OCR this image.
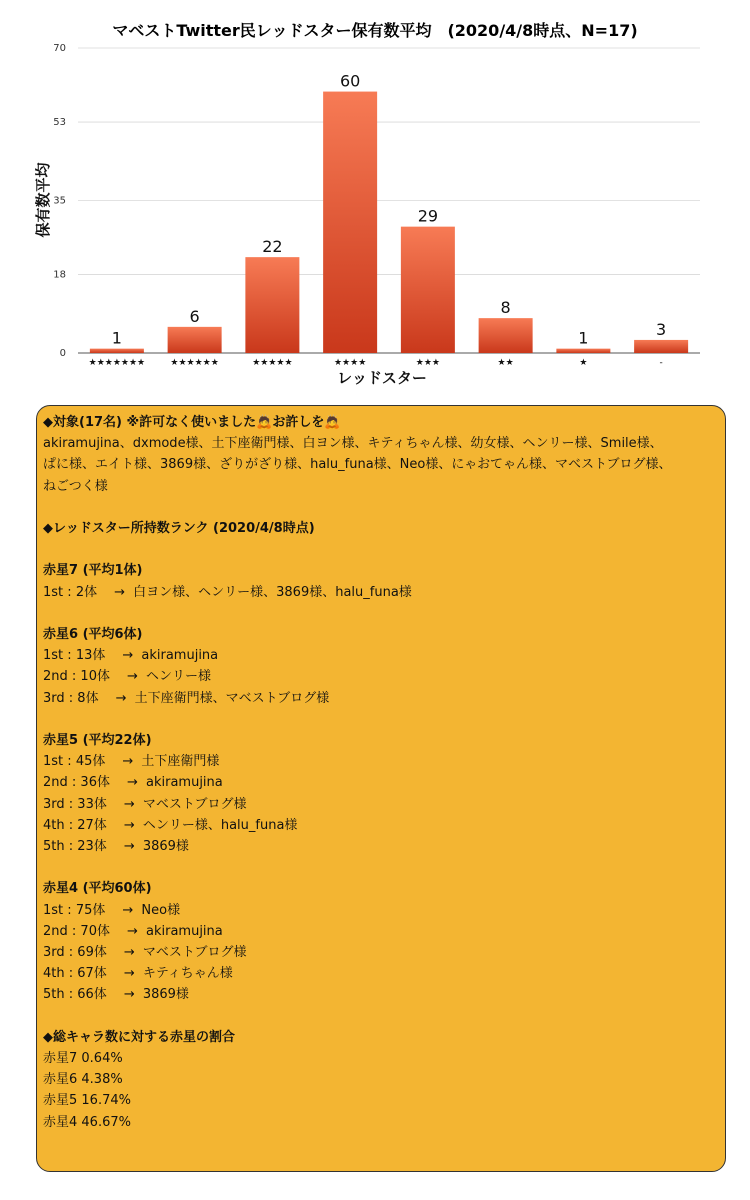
マベストTwitter民レッドスター保有数平均　(2020/4/8時点、N=17)
0
18
35
53
70
1
★★★★★★★
6
★★★★★★
22
★★★★★
60
★★★★
29
★★★
8
★★
1
★
3
-
レッドスター
保有数平均
◆対象(17名) ※許可なく使いました🙇お許しを🙇
akiramujina、dxmode様、土下座衛門様、白ヨン様、キティちゃん様、幼女様、ヘンリー様、Smile様、
ぱに様、エイト様、3869様、ざりがざり様、halu_funa様、Neo様、にゃおてゃん様、マベストブログ様、
ねごつく様
◆レッドスター所持数ランク (2020/4/8時点)
赤星7 (平均1体)
1st : 2体　→ 白ヨン様、ヘンリー様、3869様、halu_funa様
赤星6 (平均6体)
1st : 13体　→ akiramujina
2nd : 10体　→ ヘンリー様
3rd : 8体　→ 土下座衛門様、マベストブログ様
赤星5 (平均22体)
1st : 45体　→ 土下座衛門様
2nd : 36体　→ akiramujina
3rd : 33体　→ マベストブログ様
4th : 27体　→ ヘンリー様、halu_funa様
5th : 23体　→ 3869様
赤星4 (平均60体)
1st : 75体　→ Neo様
2nd : 70体　→ akiramujina
3rd : 69体　→ マベストブログ様
4th : 67体　→ キティちゃん様
5th : 66体　→ 3869様
◆総キャラ数に対する赤星の割合
赤星7 0.64%
赤星6 4.38%
赤星5 16.74%
赤星4 46.67%
